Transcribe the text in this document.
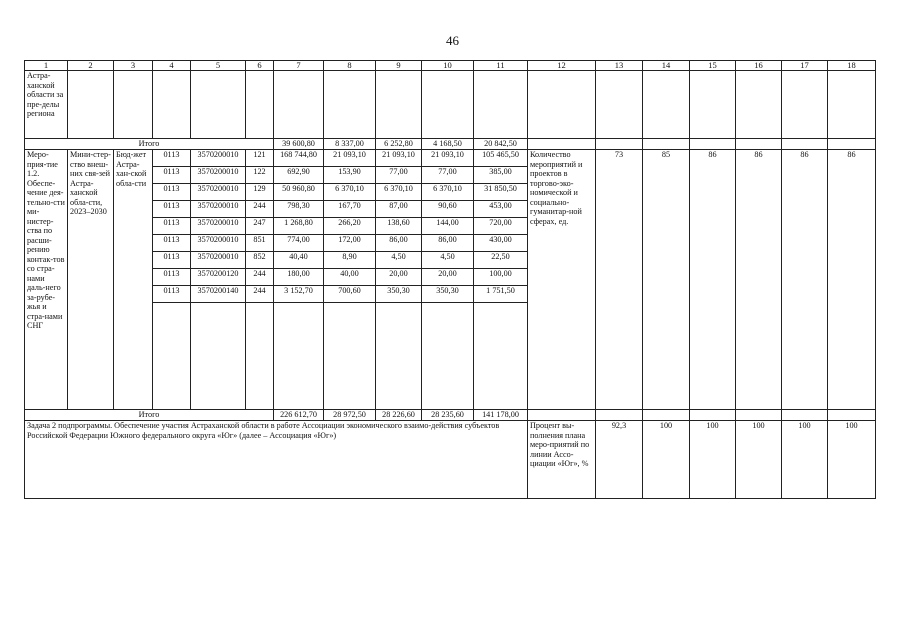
46
1	2	3	4	5	6	7	8	9	10	11	12	13	14	15	16	17	18
Астра-ханской области за пре-делы региона																	
Итого						39 600,80	8 337,00	6 252,80	4 168,50	20 842,50							
Меро-прия-тие 1.2. Обеспе-чение дея-тельно-сти ми-нистер-ства по расши-рению контак-тов со стра-нами даль-него за-рубе-жья и стра-нами СНГ	Мини-стер-ство внеш-них свя-зей Астра-ханской обла-сти, 2023–2030	Бюд-жет Астра-хан-ской обла-сти	0113	3570200010	121	168 744,80	21 093,10	21 093,10	21 093,10	105 465,50	Количество мероприятий и проектов в торгово-эко-номической и социально-гуманитар-ной сферах, ед.	73	85	86	86	86	86
			0113	3570200010	122	692,90	153,90	77,00	77,00	385,00							
			0113	3570200010	129	50 960,80	6 370,10	6 370,10	6 370,10	31 850,50							
			0113	3570200010	244	798,30	167,70	87,00	90,60	453,00							
			0113	3570200010	247	1 268,80	266,20	138,60	144,00	720,00							
			0113	3570200010	851	774,00	172,00	86,00	86,00	430,00							
			0113	3570200010	852	40,40	8,90	4,50	4,50	22,50							
			0113	3570200120	244	180,00	40,00	20,00	20,00	100,00							
			0113	3570200140	244	3 152,70	700,60	350,30	350,30	1 751,50							

Итого						226 612,70	28 972,50	28 226,60	28 235,60	141 178,00							
Задача 2 подпрограммы. Обеспечение участия Астраханской области в работе Ассоциации экономического взаимо-действия субъектов Российской Федерации Южного федерального округа «Юг» (далее – Ассоциация «Юг»)											Процент вы-полнения плана меро-приятий по линии Ассо-циации «Юг», %	92,3	100	100	100	100	100
